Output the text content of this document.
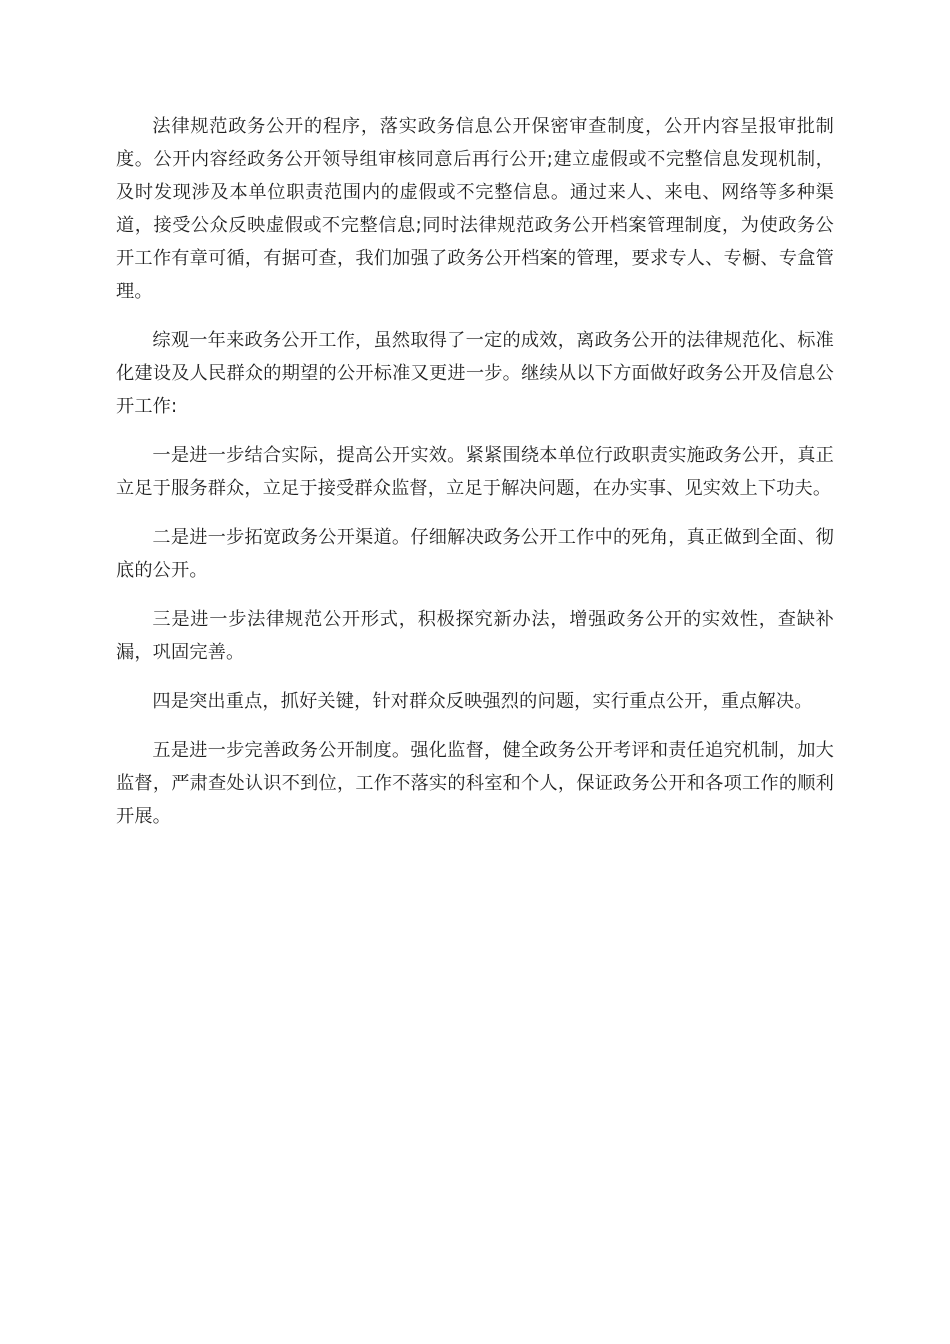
法律规范政务公开的程序，落实政务信息公开保密审查制度，公开内容呈报审批制度。公开内容经政务公开领导组审核同意后再行公开;建立虚假或不完整信息发现机制，及时发现涉及本单位职责范围内的虚假或不完整信息。通过来人、来电、网络等多种渠道，接受公众反映虚假或不完整信息;同时法律规范政务公开档案管理制度，为使政务公开工作有章可循，有据可查，我们加强了政务公开档案的管理，要求专人、专橱、专盒管理。

综观一年来政务公开工作，虽然取得了一定的成效，离政务公开的法律规范化、标准化建设及人民群众的期望的公开标准又更进一步。继续从以下方面做好政务公开及信息公开工作:

一是进一步结合实际，提高公开实效。紧紧围绕本单位行政职责实施政务公开，真正立足于服务群众，立足于接受群众监督，立足于解决问题，在办实事、见实效上下功夫。

二是进一步拓宽政务公开渠道。仔细解决政务公开工作中的死角，真正做到全面、彻底的公开。

三是进一步法律规范公开形式，积极探究新办法，增强政务公开的实效性，查缺补漏，巩固完善。

四是突出重点，抓好关键，针对群众反映强烈的问题，实行重点公开，重点解决。

五是进一步完善政务公开制度。强化监督，健全政务公开考评和责任追究机制，加大监督，严肃查处认识不到位，工作不落实的科室和个人，保证政务公开和各项工作的顺利开展。
